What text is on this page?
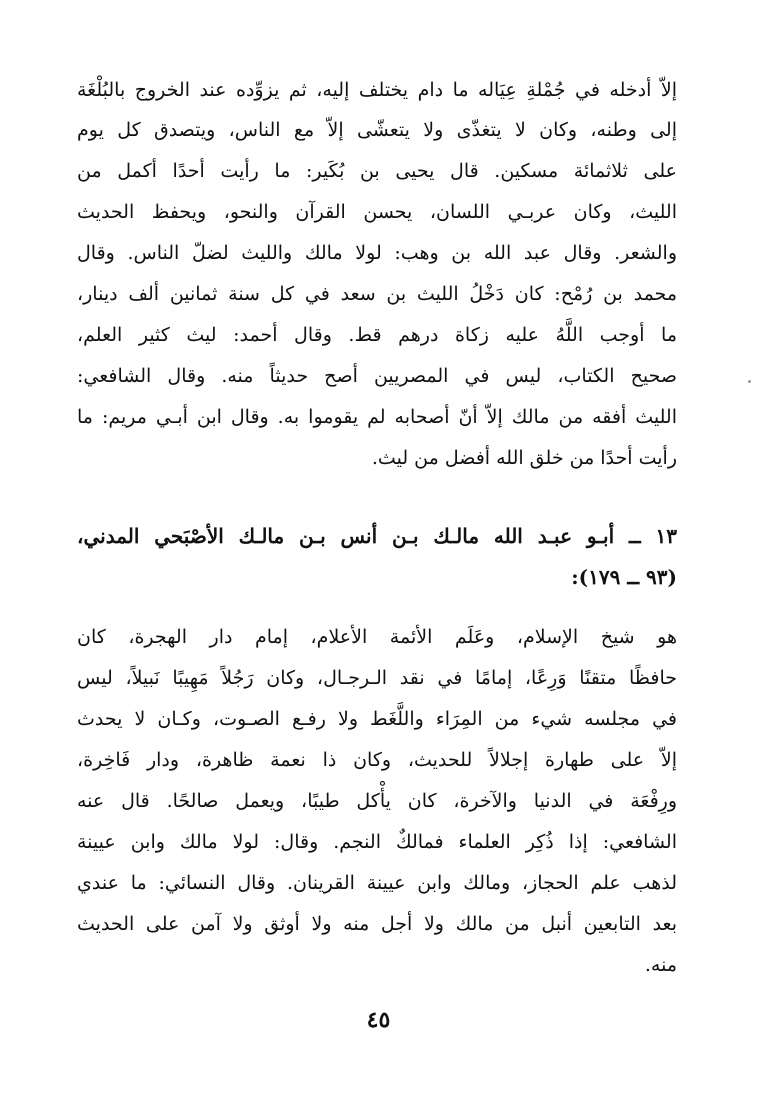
إلاّ أدخله في جُمْلةِ عِيَاله ما دام يختلف إليه، ثم يزوِّده عند الخروج بالبُلْغَة
إلى وطنه، وكان لا يتغذّى ولا يتعشّى إلاّ مع الناس، ويتصدق كل يوم
على ثلاثمائة مسكين. قال يحيى بن بُكَير: ما رأيت أحدًا أكمل من
الليث، وكان عربـي اللسان، يحسن القرآن والنحو، ويحفظ الحديث
والشعر. وقال عبد الله بن وهب: لولا مالك والليث لضلّ الناس. وقال
محمد بن رُمْح: كان دَخْلُ الليث بن سعد في كل سنة ثمانين ألف دينار،
ما أوجب اللَّهُ عليه زكاة درهم قط. وقال أحمد: ليث كثير العلم،
صحيح الكتاب، ليس في المصريين أصح حديثاً منه. وقال الشافعي:
الليث أفقه من مالك إلاّ أنّ أصحابه لم يقوموا به. وقال ابن أبـي مريم: ما
رأيت أحدًا من خلق الله أفضل من ليث.
١٣ ــ أبـو عبـد الله مالـك بـن أنس بـن مالـك الأصْبَحي المدني،
(٩٣ ــ ١٧٩):
هو شيخ الإسلام، وعَلَم الأئمة الأعلام، إمام دار الهجرة، كان
حافظًا متقنًا وَرِعًا، إمامًا في نقد الـرجـال، وكان رَجُلاً مَهِيبًا نَبيلاً، ليس
في مجلسه شيء من المِرَاء واللَّغَط ولا رفـع الصـوت، وكـان لا يحدث
إلاّ على طهارة إجلالاً للحديث، وكان ذا نعمة ظاهرة، ودار فَاخِرة،
ورِفْعَة في الدنيا والآخرة، كان يأْكل طيبًا، ويعمل صالحًا. قال عنه
الشافعي: إذا ذُكِر العلماء فمالكٌ النجم. وقال: لولا مالك وابن عيينة
لذهب علم الحجاز، ومالك وابن عيينة القرينان. وقال النسائي: ما عندي
بعد التابعين أنبل من مالك ولا أجل منه ولا أوثق ولا آمن على الحديث
منه.
٤٥
